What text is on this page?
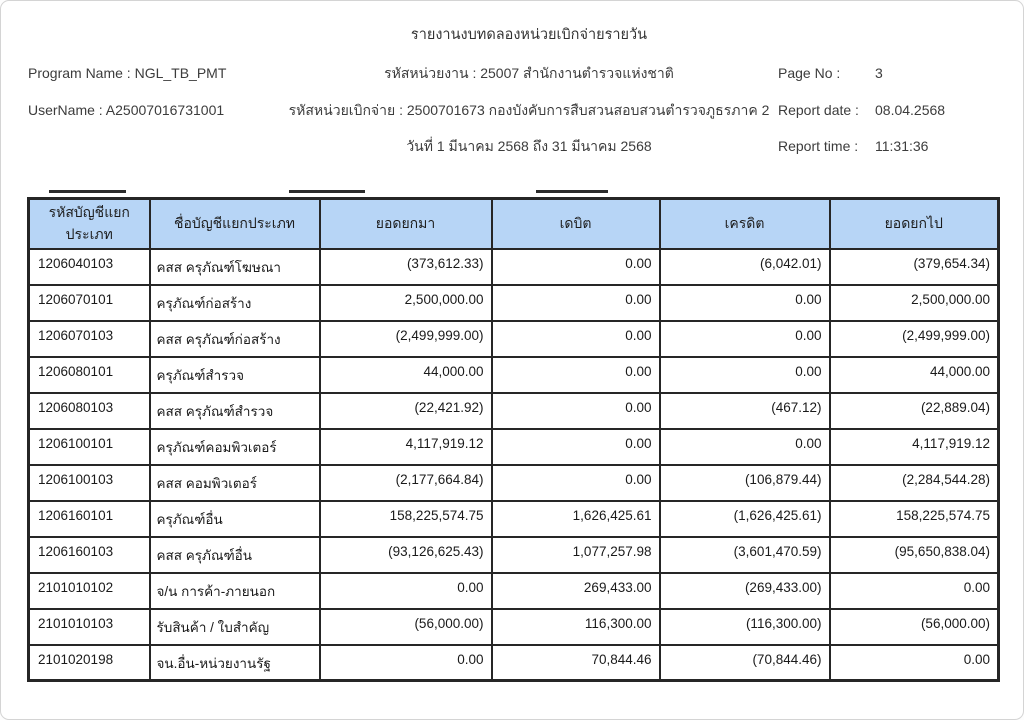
รายงานงบทดลองหน่วยเบิกจ่ายรายวัน
Program Name : NGL_TB_PMT	รหัสหน่วยงาน : 25007 สำนักงานตำรวจแห่งชาติ	Page No :	3
UserName : A25007016731001	รหัสหน่วยเบิกจ่าย : 2500701673 กองบังคับการสืบสวนสอบสวนตำรวจภูธรภาค 2 Report date :	08.04.2568
วันที่ 1 มีนาคม 2568 ถึง 31 มีนาคม 2568	Report time :	11:31:36
รหัสบัญชีแยกประเภท	ชื่อบัญชีแยกประเภท	ยอดยกมา	เดบิต	เครดิต	ยอดยกไป
1206040103	คสส ครุภัณฑ์โฆษณา	(373,612.33)	0.00	(6,042.01)	(379,654.34)
1206070101	ครุภัณฑ์ก่อสร้าง	2,500,000.00	0.00	0.00	2,500,000.00
1206070103	คสส ครุภัณฑ์ก่อสร้าง	(2,499,999.00)	0.00	0.00	(2,499,999.00)
1206080101	ครุภัณฑ์สำรวจ	44,000.00	0.00	0.00	44,000.00
1206080103	คสส ครุภัณฑ์สำรวจ	(22,421.92)	0.00	(467.12)	(22,889.04)
1206100101	ครุภัณฑ์คอมพิวเตอร์	4,117,919.12	0.00	0.00	4,117,919.12
1206100103	คสส คอมพิวเตอร์	(2,177,664.84)	0.00	(106,879.44)	(2,284,544.28)
1206160101	ครุภัณฑ์อื่น	158,225,574.75	1,626,425.61	(1,626,425.61)	158,225,574.75
1206160103	คสส ครุภัณฑ์อื่น	(93,126,625.43)	1,077,257.98	(3,601,470.59)	(95,650,838.04)
2101010102	จ/น การค้า-ภายนอก	0.00	269,433.00	(269,433.00)	0.00
2101010103	รับสินค้า / ใบสำคัญ	(56,000.00)	116,300.00	(116,300.00)	(56,000.00)
2101020198	จน.อื่น-หน่วยงานรัฐ	0.00	70,844.46	(70,844.46)	0.00
